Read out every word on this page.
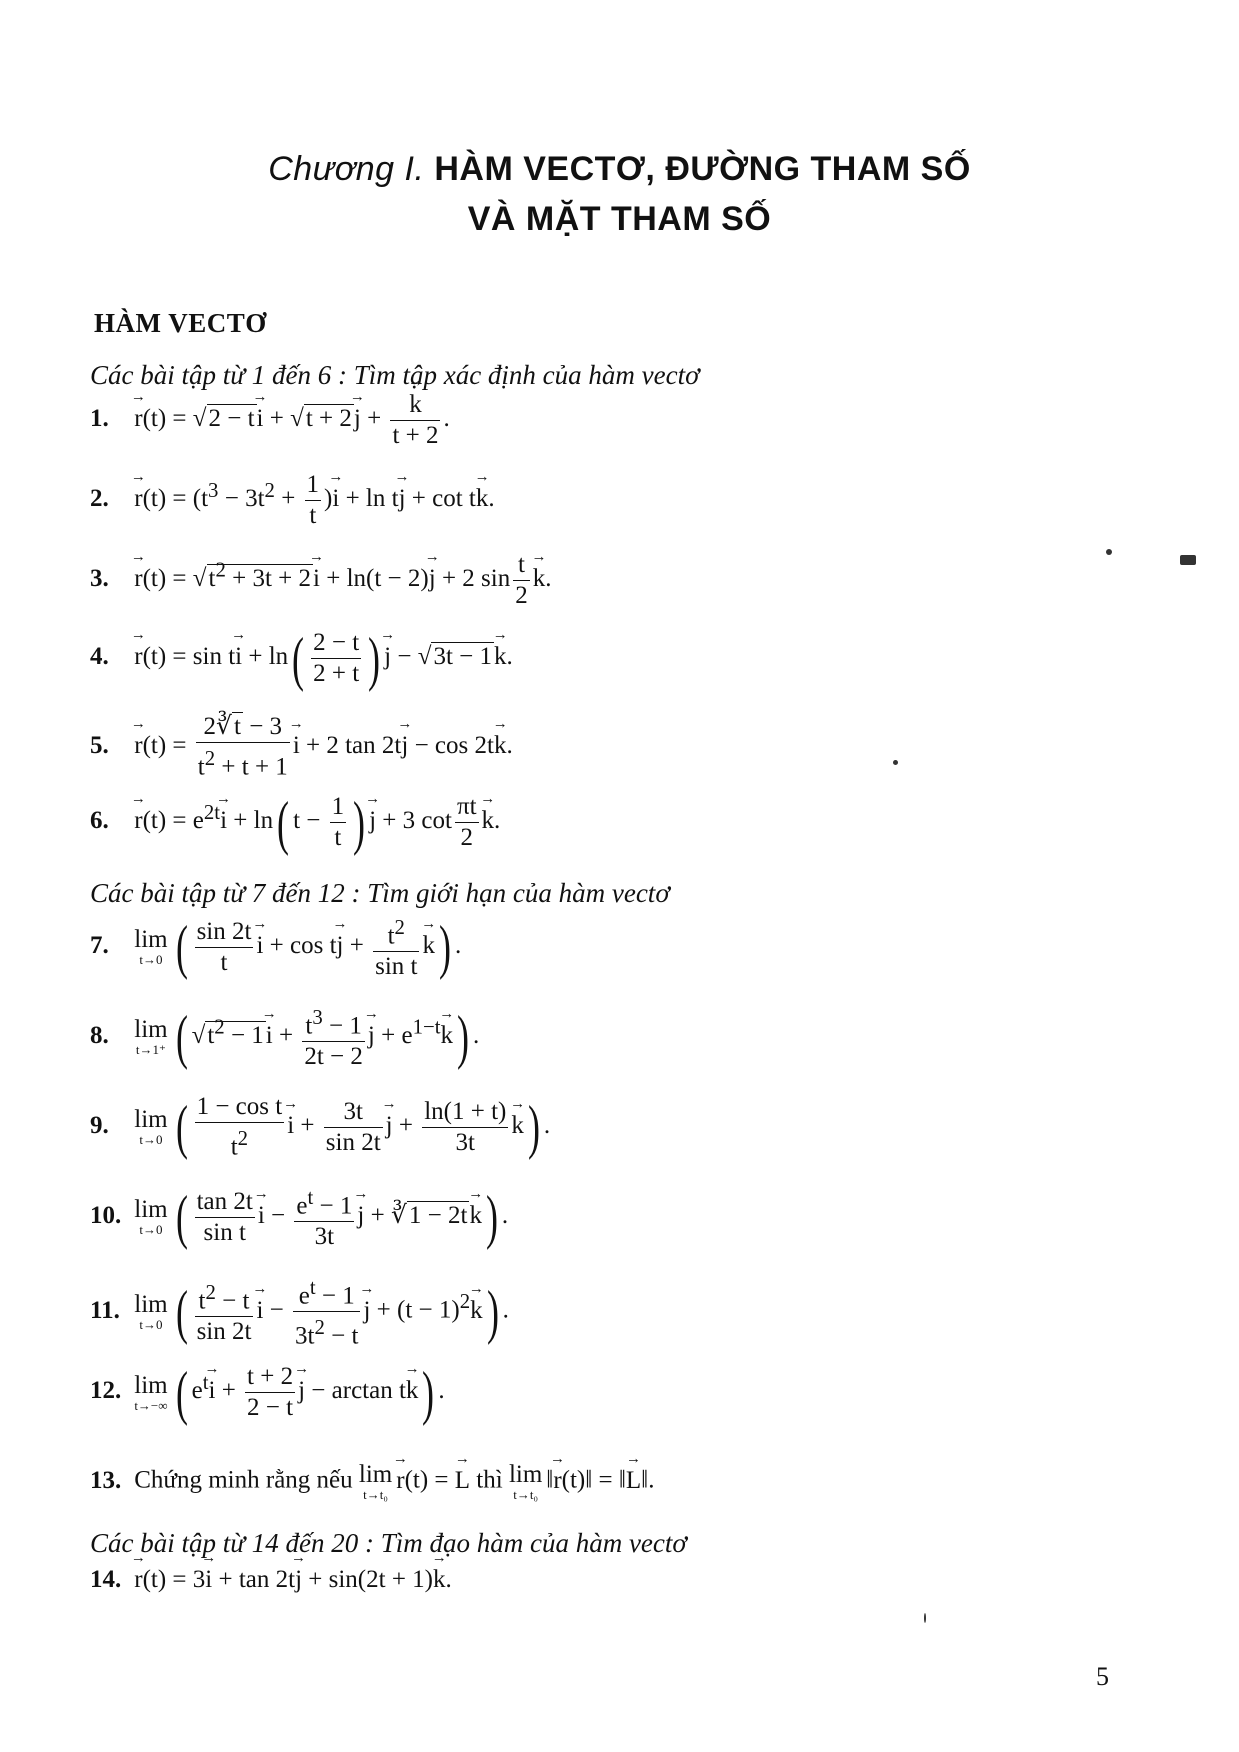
Chương I. HÀM VECTƠ, ĐƯỜNG THAM SỐ
VÀ MẶT THAM SỐ
HÀM VECTƠ
Các bài tập từ 1 đến 6 : Tìm tập xác định của hàm vectơ
1. → r(t) = √2 − t→ i + √t + 2→ j +
→ $\frac{k}{t + 2}$ .
2. → $r(t) = (t^3 - 3t^2 + \frac{1}{t}$ )→ i + ln t→ j + cot t→ k.
3. → $r(t) = √t^2 + 3t + 2\to i + \ln(t - 2)\to j + 2$ $\sin \frac{t}{2}$
→ k.
4. → $r(t) = \sin t\to i + \ln( \frac{2 - t}{2 + t}$ )→ j − √3t − 1→ k.
5. → $r(t) = \frac{2∛t - 3}{t^2 + t + 1}$
→ i + 2 tan 2t→ j − cos 2t→ k.
6. → $r(t) = e^{2t}\to i + \ln$( $t - \frac{1}{t}$ )→ j + 3 $\cot \frac{\pi t}{2}$
→ k.
Các bài tập từ 7 đến 12 : Tìm giới hạn của hàm vectơ
7. lim
t→0 ( $\frac{\sin 2t}{t}$
→ $i + \cos t\to j + \frac{t^2}{\text{sin t}}$
→ k) .
8. lim
t→1⁺ ( $√t^2 - 1\to i + \frac{t^3 - 1}{2t - 2}$
→ $j + e^{1-t}\to k$) .
9. lim
t→0 ( $\frac{\text{1 − cos t}}{t^2}$
→ $i + \frac{3t}{\sin 2t}$
→ $j + \frac{\ln(1 + t)}{3t}$
→ k) .
10. lim
t→0 ( $\frac{\tan 2t}{\text{sin t}}$
→ $i - \frac{e^t - 1}{3t}$
→ j + ∛1 − 2t→ k) .
11. lim
t→0 ( $\frac{t^2 - t}{\sin 2t}$
→ $i - \frac{e^t - 1}{3t^2 - t}$
→ $j + (t - 1)^2\to k$) .
12. lim
t→−∞ ( $e^t\to i + \frac{t + 2}{2 - t}$
→ j − arctan t→ k) .
13. Chứng minh rằng nếu lim
t→t₀
→ r(t) = → L thì lim
t→t₀
‖→ r(t)‖ = ‖→ L‖.
Các bài tập từ 14 đến 20 : Tìm đạo hàm của hàm vectơ
14. → r(t) = 3→ i + tan 2t→ j + sin(2t + 1)→ k.
5
